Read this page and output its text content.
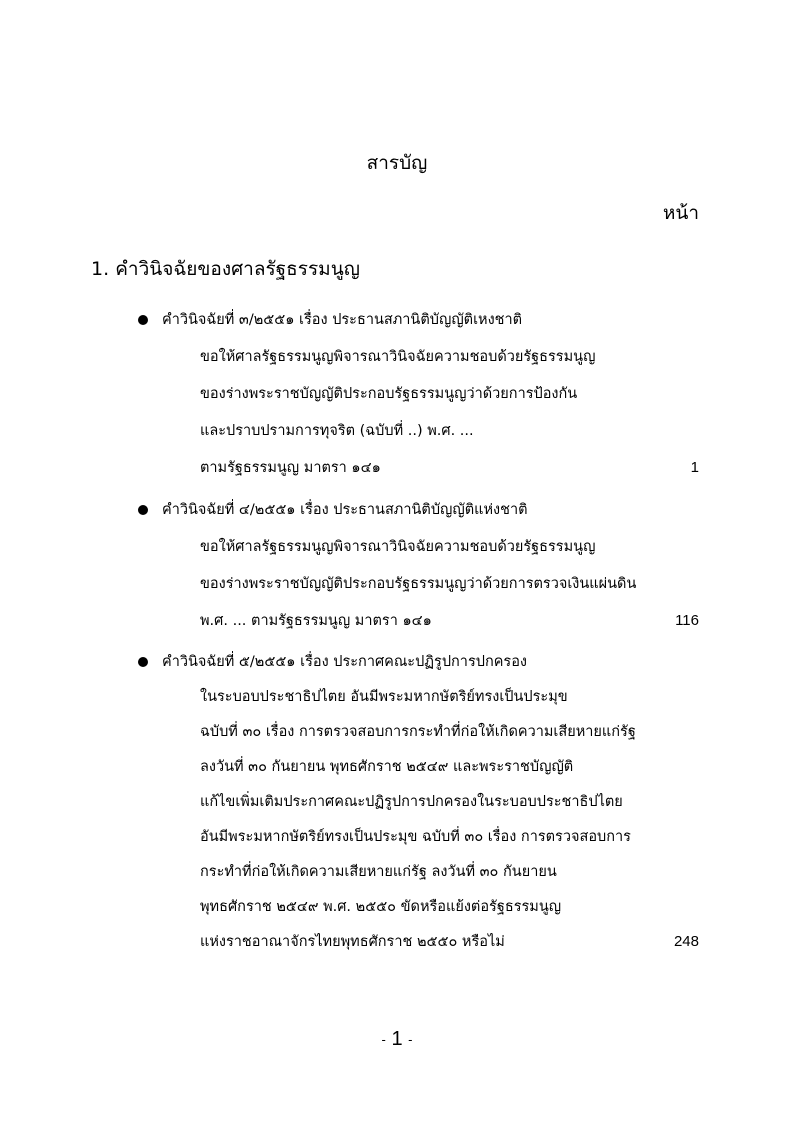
สารบัญ
หน้า
1. คำวินิจฉัยของศาลรัฐธรรมนูญ
คำวินิจฉัยที่ ๓/๒๕๕๑ เรื่อง ประธานสภานิติบัญญัติเหงชาติ
ขอให้ศาลรัฐธรรมนูญพิจารณาวินิจฉัยความชอบด้วยรัฐธรรมนูญ
ของร่างพระราชบัญญัติประกอบรัฐธรรมนูญว่าด้วยการป้องกัน
และปราบปรามการทุจริต (ฉบับที่ ..) พ.ศ. ...
ตามรัฐธรรมนูญ มาตรา ๑๔๑	1
คำวินิจฉัยที่ ๔/๒๕๕๑ เรื่อง ประธานสภานิติบัญญัติแห่งชาติ
ขอให้ศาลรัฐธรรมนูญพิจารณาวินิจฉัยความชอบด้วยรัฐธรรมนูญ
ของร่างพระราชบัญญัติประกอบรัฐธรรมนูญว่าด้วยการตรวจเงินแผ่นดิน
พ.ศ. ... ตามรัฐธรรมนูญ มาตรา ๑๔๑	116
คำวินิจฉัยที่ ๕/๒๕๕๑ เรื่อง ประกาศคณะปฏิรูปการปกครอง
ในระบอบประชาธิปไตย อันมีพระมหากษัตริย์ทรงเป็นประมุข
ฉบับที่ ๓๐ เรื่อง การตรวจสอบการกระทำที่ก่อให้เกิดความเสียหายแก่รัฐ
ลงวันที่ ๓๐ กันยายน พุทธศักราช ๒๕๔๙ และพระราชบัญญัติ
แก้ไขเพิ่มเติมประกาศคณะปฏิรูปการปกครองในระบอบประชาธิปไตย
อันมีพระมหากษัตริย์ทรงเป็นประมุข ฉบับที่ ๓๐ เรื่อง การตรวจสอบการ
กระทำที่ก่อให้เกิดความเสียหายแก่รัฐ ลงวันที่ ๓๐ กันยายน
พุทธศักราช ๒๕๔๙ พ.ศ. ๒๕๕๐ ขัดหรือแย้งต่อรัฐธรรมนูญ
แห่งราชอาณาจักรไทยพุทธศักราช ๒๕๕๐ หรือไม่	248
- 1 -
